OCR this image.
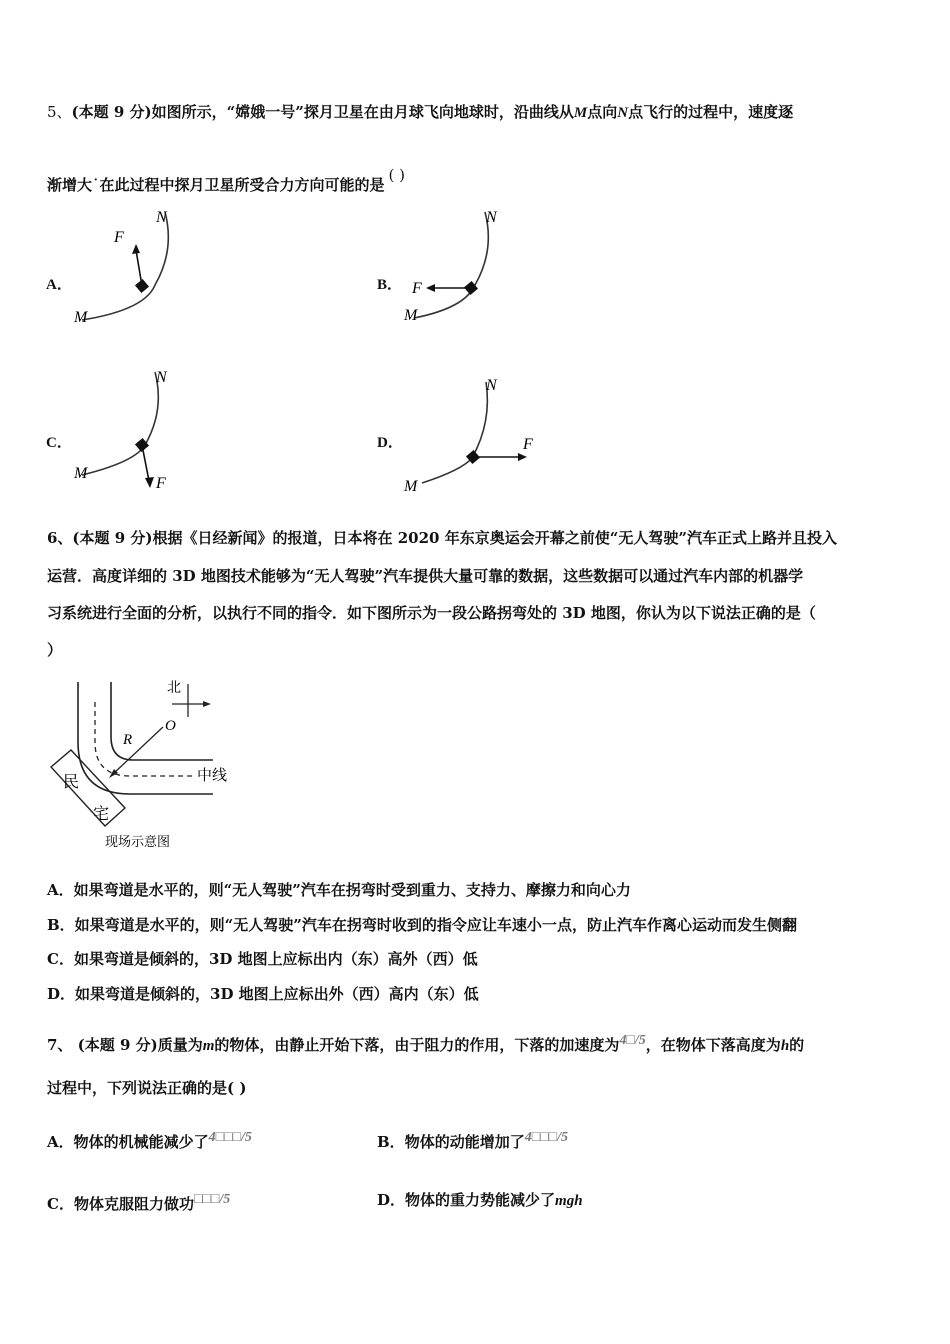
5、(本题 9 分)如图所示，“嫦娥一号”探月卫星在由月球飞向地球时，沿曲线从M点向N点飞行的过程中，速度逐
渐增大˙在此过程中探月卫星所受合力方向可能的是( )
A．
F
N
M
B． F
N
M
C．
F
N
M
D．	F
N
M
6、(本题 9 分)根据《日经新闻》的报道，日本将在 2020 年东京奥运会开幕之前使“无人驾驶”汽车正式上路并且投入
运营．高度详细的 3D 地图技术能够为“无人驾驶”汽车提供大量可靠的数据，这些数据可以通过汽车内部的机器学
习系统进行全面的分析，以执行不同的指令．如下图所示为一段公路拐弯处的 3D 地图，你认为以下说法正确的是（
）
北
O
R
中线
民
宅
现场示意图
A．如果弯道是水平的，则“无人驾驶”汽车在拐弯时受到重力、支持力、摩擦力和向心力
B．如果弯道是水平的，则“无人驾驶”汽车在拐弯时收到的指令应让车速小一点，防止汽车作离心运动而发生侧翻
C．如果弯道是倾斜的，3D 地图上应标出内（东）高外（西）低
D．如果弯道是倾斜的，3D 地图上应标出外（西）高内（东）低
7、 (本题 9 分)质量为m的物体，由静止开始下落，由于阻力的作用，下落的加速度为4□/5，在物体下落高度为h的
过程中，下列说法正确的是( )
A．物体的机械能减少了4□□□/5	B．物体的动能增加了4□□□/5
C．物体克服阻力做功□□□/5	D．物体的重力势能减少了mgh
